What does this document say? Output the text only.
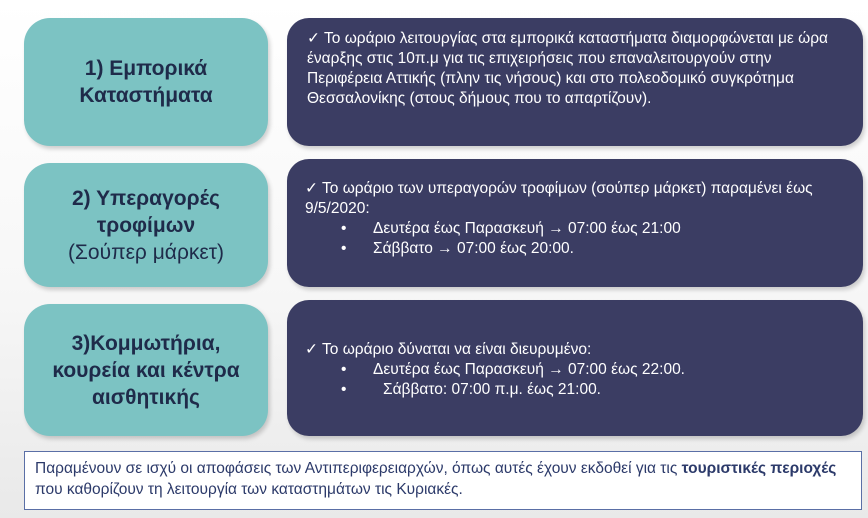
1) Εμπορικά Καταστήματα

✓ Το ωράριο λειτουργίας στα εμπορικά καταστήματα διαμορφώνεται με ώρα έναρξης στις 10π.μ για τις επιχειρήσεις που επαναλειτουργούν στην Περιφέρεια Αττικής (πλην τις νήσους) και στο πολεοδομικό συγκρότημα Θεσσαλονίκης (στους δήμους που το απαρτίζουν).

2) Υπεραγορές τροφίμων
(Σούπερ μάρκετ)

✓ Το ωράριο των υπεραγορών τροφίμων (σούπερ μάρκετ) παραμένει έως 9/5/2020:

• Δευτέρα έως Παρασκευή → 07:00 έως 21:00
• Σάββατο → 07:00 έως 20:00.
3)Κομμωτήρια, κουρεία και κέντρα αισθητικής

✓ Το ωράριο δύναται να είναι διευρυμένο:

• Δευτέρα έως Παρασκευή → 07:00 έως 22:00.
• Σάββατο: 07:00 π.μ. έως 21:00.
Παραμένουν σε ισχύ οι αποφάσεις των Αντιπεριφερειαρχών, όπως αυτές έχουν εκδοθεί για τις τουριστικές περιοχές που καθορίζουν τη λειτουργία των καταστημάτων τις Κυριακές.
